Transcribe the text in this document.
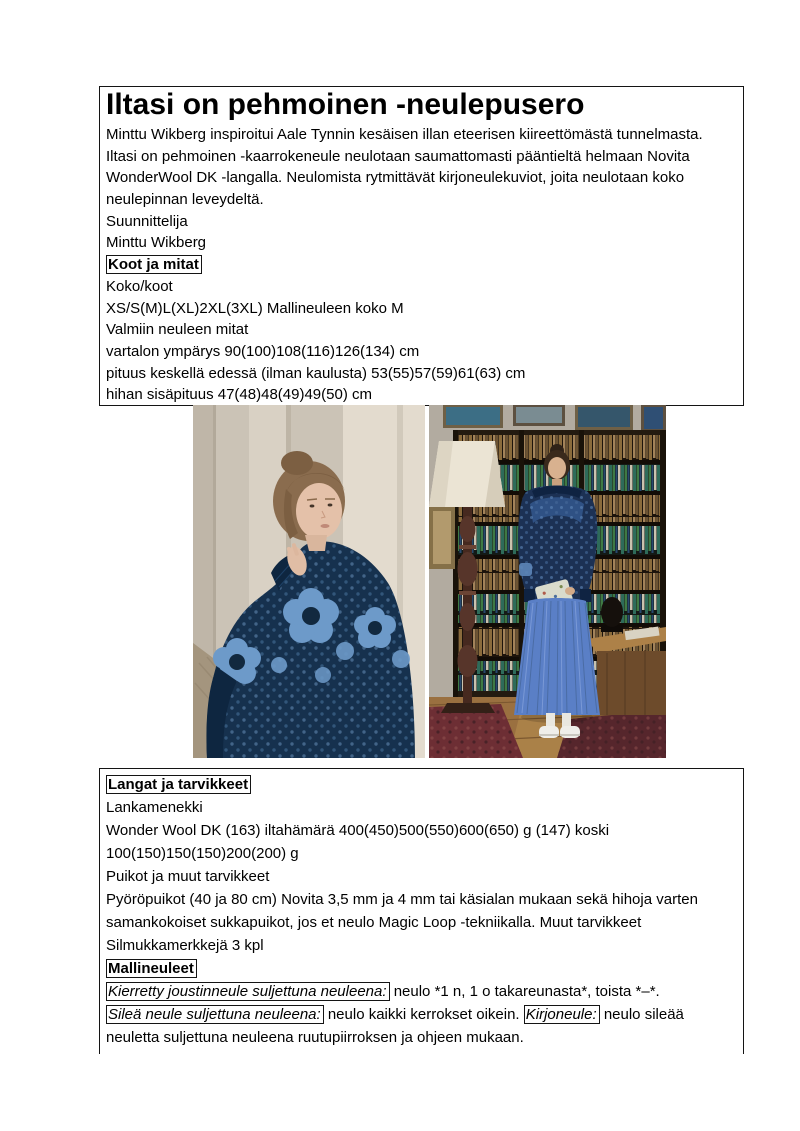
Iltasi on pehmoinen -neulepusero
Minttu Wikberg inspiroitui Aale Tynnin kesäisen illan eteerisen kiireettömästä tunnelmasta.
Iltasi on pehmoinen -kaarrokeneule neulotaan saumattomasti pääntieltä helmaan Novita
WonderWool DK -langalla. Neulomista rytmittävät kirjoneulekuviot, joita neulotaan koko
neulepinnan leveydeltä.
Suunnittelija
Minttu Wikberg
Koot ja mitat
Koko/koot
XS/S(M)L(XL)2XL(3XL) Mallineuleen koko M
Valmiin neuleen mitat
vartalon ympärys 90(100)108(116)126(134) cm
pituus keskellä edessä (ilman kaulusta) 53(55)57(59)61(63) cm
hihan sisäpituus 47(48)48(49)49(50) cm
Langat ja tarvikkeet
Lankamenekki
Wonder Wool DK (163) iltahämärä 400(450)500(550)600(650) g (147) koski
100(150)150(150)200(200) g
Puikot ja muut tarvikkeet
Pyöröpuikot (40 ja 80 cm) Novita 3,5 mm ja 4 mm tai käsialan mukaan sekä hihoja varten
samankokoiset sukkapuikot, jos et neulo Magic Loop -tekniikalla. Muut tarvikkeet
Silmukkamerkkejä 3 kpl
Mallineuleet
Kierretty joustinneule suljettuna neuleena: neulo *1 n, 1 o takareunasta*, toista *–*.
Sileä neule suljettuna neuleena: neulo kaikki kerrokset oikein. Kirjoneule: neulo sileää
neuletta suljettuna neuleena ruutupiirroksen ja ohjeen mukaan.
